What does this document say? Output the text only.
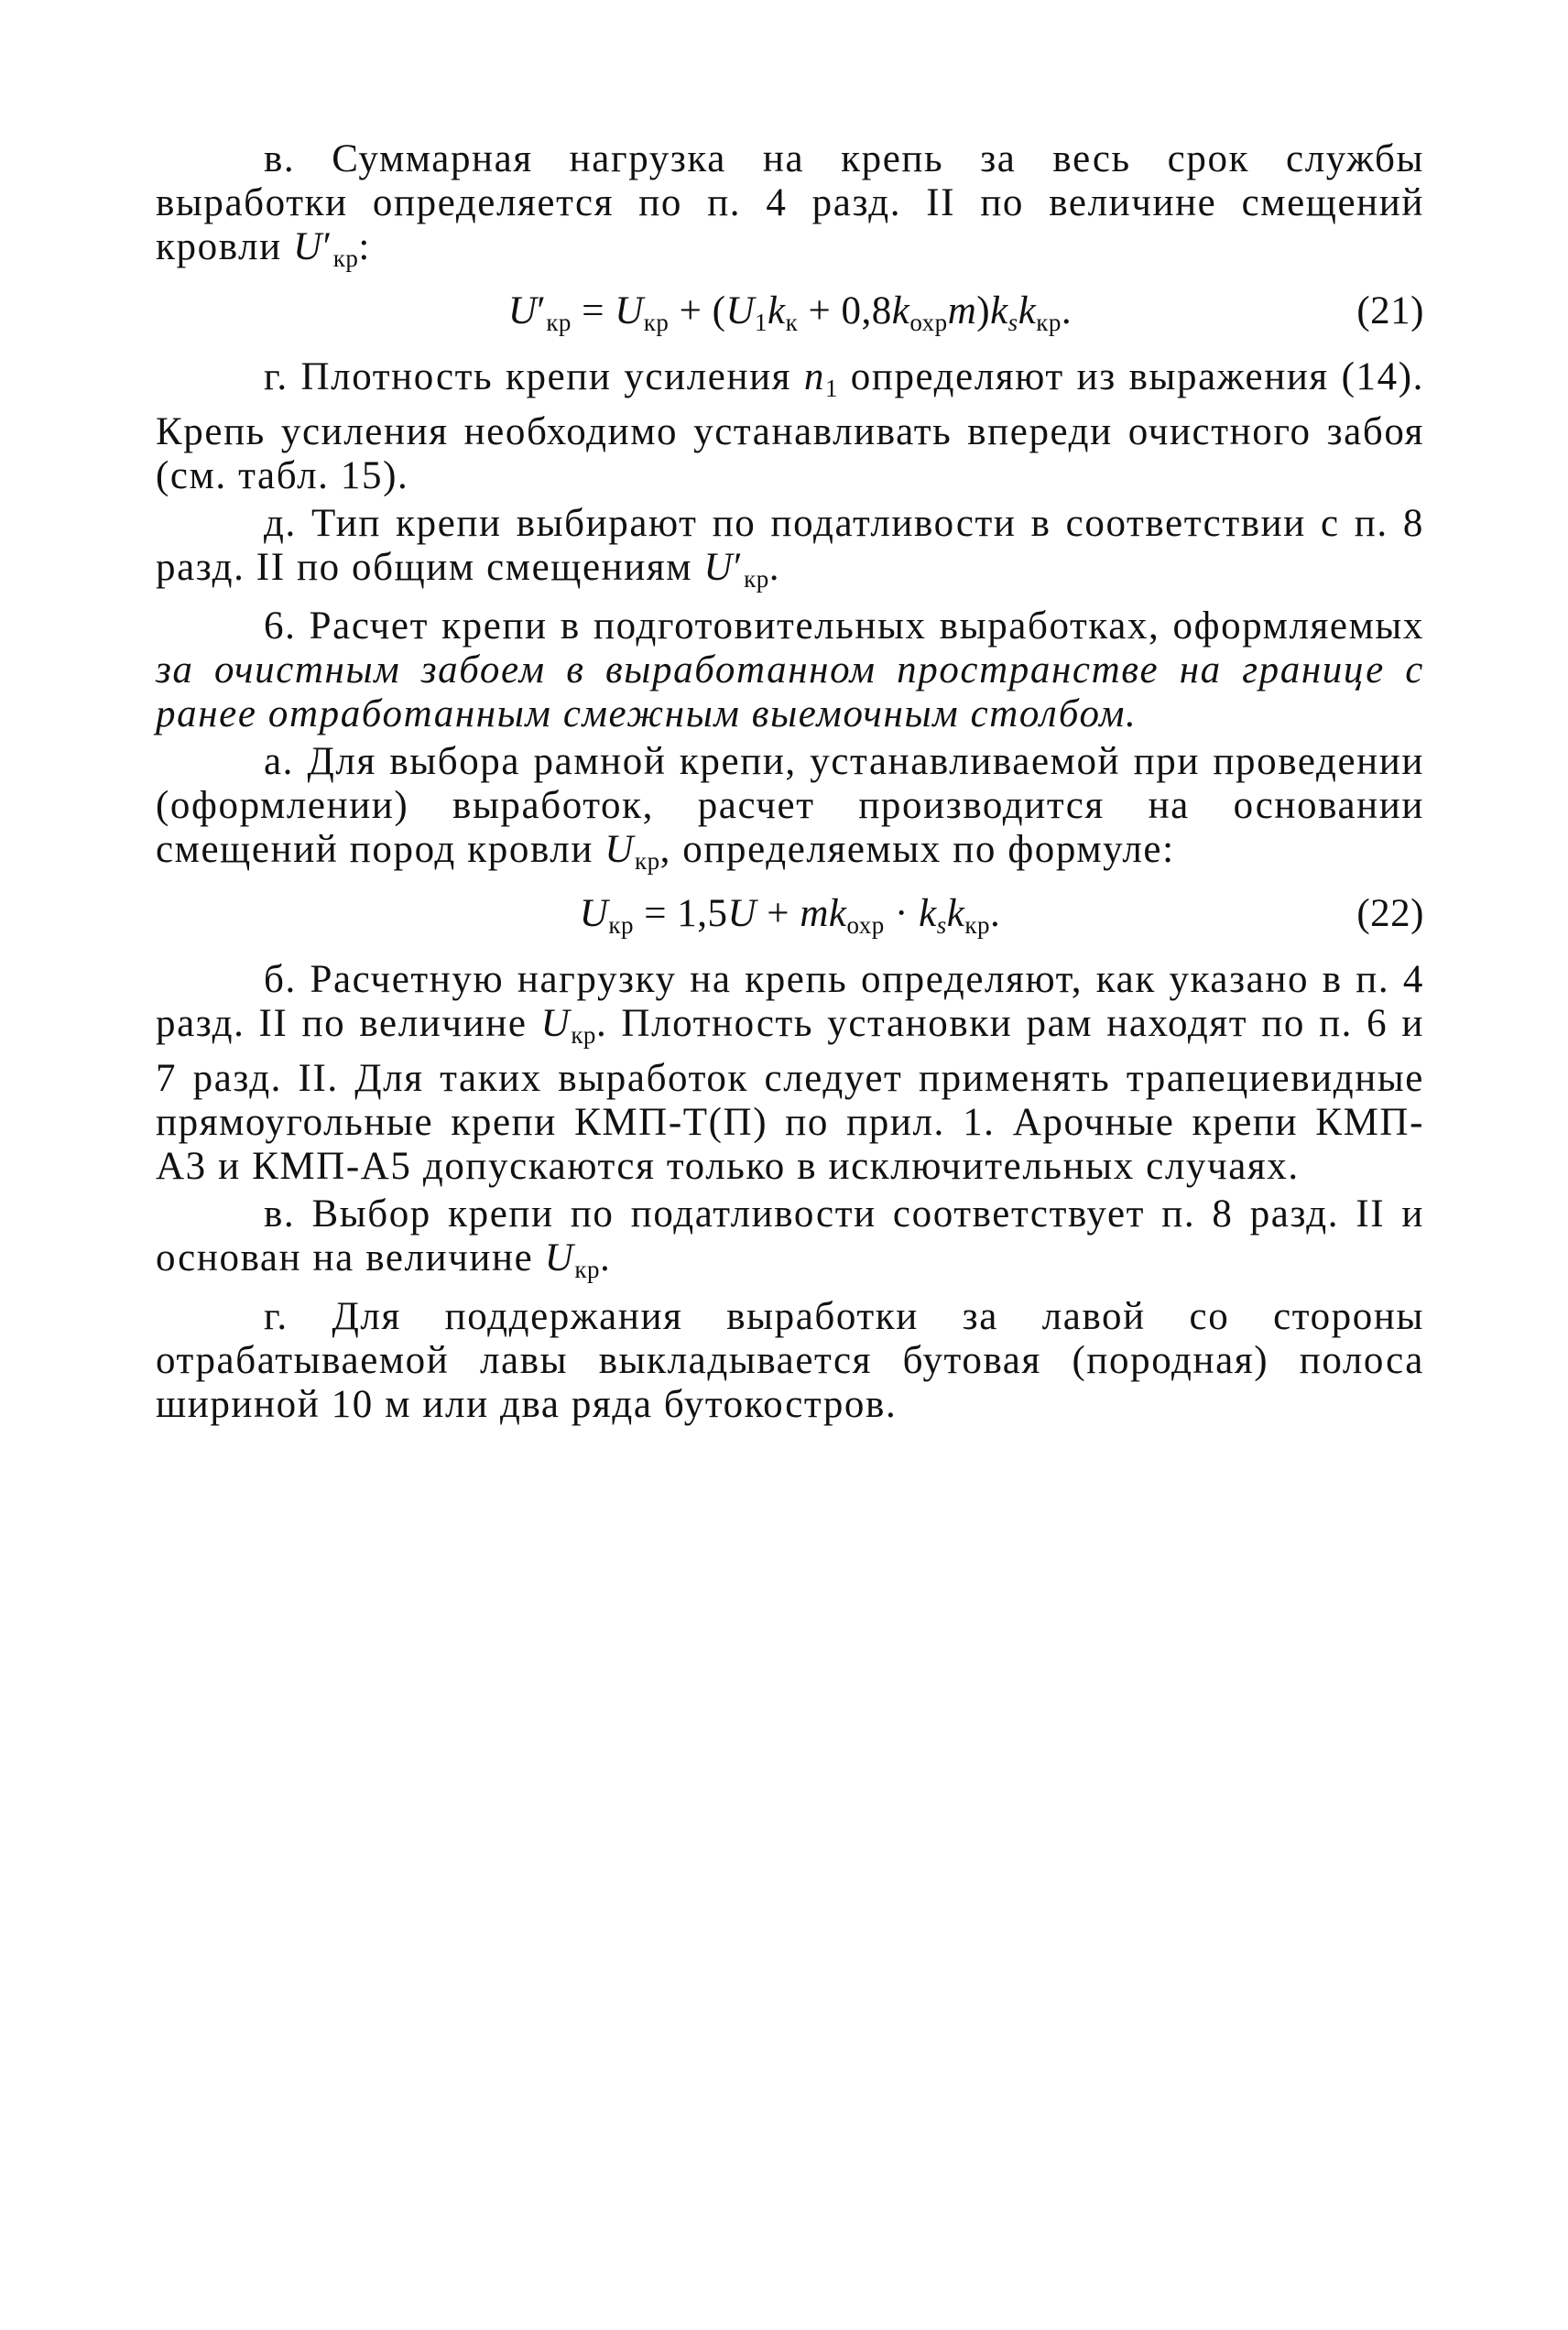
в. Суммарная нагрузка на крепь за весь срок службы выработки определяется по п. 4 разд. II по величине смещений кровли $U'_{кр}$:

$U'_{кр} = U_{кр} + (U_1k_к + 0,8k_{охр}m)k_sk_{кр}$.	(21)

г. Плотность крепи усиления $n_1$ определяют из выражения (14). Крепь усиления необходимо устанавливать впереди очистного забоя (см. табл. 15).

д. Тип крепи выбирают по податливости в соответствии с п. 8 разд. II по общим смещениям $U'_{кр}$.

6. Расчет крепи в подготовительных выработках, оформляемых за очистным забоем в выработанном пространстве на границе с ранее отработанным смежным выемочным столбом.

а. Для выбора рамной крепи, устанавливаемой при проведении (оформлении) выработок, расчет производится на основании смещений пород кровли $U_{кр}$, определяемых по формуле:

$U_{кр} = 1,5U + mk_{охр} \cdot k_sk_{кр}$.	(22)

б. Расчетную нагрузку на крепь определяют, как указано в п. 4 разд. II по величине $U_{кр}$. Плотность установки рам находят по п. 6 и 7 разд. II. Для таких выработок следует применять трапециевидные прямоугольные крепи КМП-Т(П) по прил. 1. Арочные крепи КМП-А3 и КМП-А5 допускаются только в исключительных случаях.

в. Выбор крепи по податливости соответствует п. 8 разд. II и основан на величине $U_{кр}$.

г. Для поддержания выработки за лавой со стороны отрабатываемой лавы выкладывается бутовая (породная) полоса шириной 10 м или два ряда бутокостров.
